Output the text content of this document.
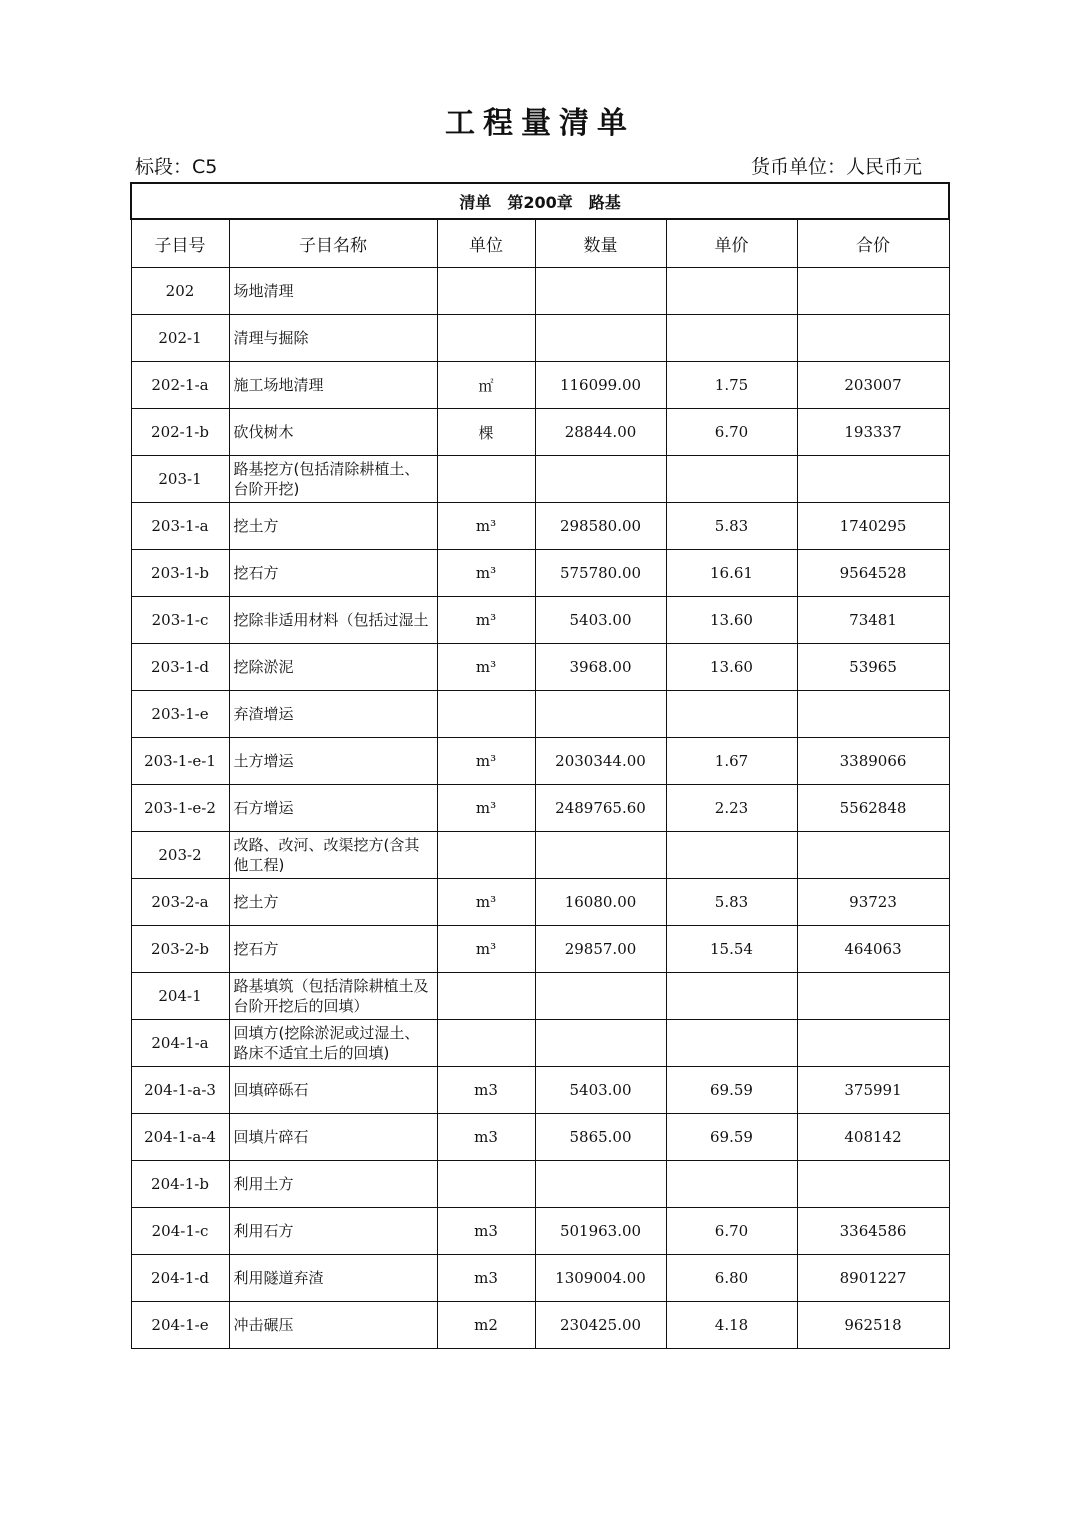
工程量清单
标段：C5	货币单位：人民币元
清单　第200章　路基					
子目号	子目名称	单位	数量	单价	合价
202	场地清理				
202-1	清理与掘除				
202-1-a	施工场地清理	㎡	116099.00	1.75	203007
202-1-b	砍伐树木	棵	28844.00	6.70	193337
203-1	路基挖方(包括清除耕植土、台阶开挖)				
203-1-a	挖土方	m³	298580.00	5.83	1740295
203-1-b	挖石方	m³	575780.00	16.61	9564528
203-1-c	挖除非适用材料（包括过湿土	m³	5403.00	13.60	73481
203-1-d	挖除淤泥	m³	3968.00	13.60	53965
203-1-e	弃渣增运				
203-1-e-1	土方增运	m³	2030344.00	1.67	3389066
203-1-e-2	石方增运	m³	2489765.60	2.23	5562848
203-2	改路、改河、改渠挖方(含其他工程)				
203-2-a	挖土方	m³	16080.00	5.83	93723
203-2-b	挖石方	m³	29857.00	15.54	464063
204-1	路基填筑（包括清除耕植土及台阶开挖后的回填）				
204-1-a	回填方(挖除淤泥或过湿土、路床不适宜土后的回填)				
204-1-a-3	回填碎砾石	m3	5403.00	69.59	375991
204-1-a-4	回填片碎石	m3	5865.00	69.59	408142
204-1-b	利用土方				
204-1-c	利用石方	m3	501963.00	6.70	3364586
204-1-d	利用隧道弃渣	m3	1309004.00	6.80	8901227
204-1-e	冲击碾压	m2	230425.00	4.18	962518
